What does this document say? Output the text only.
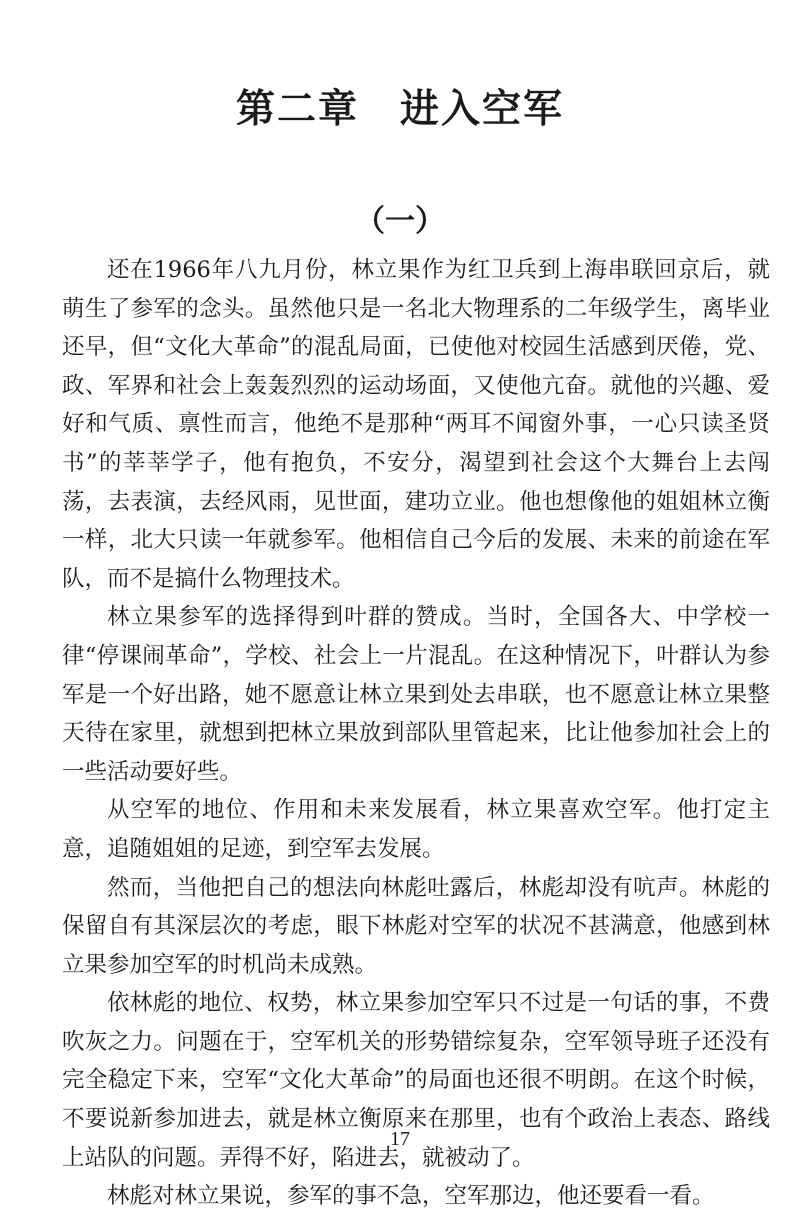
第二章　进入空军
（一）

还在1966年八九月份，林立果作为红卫兵到上海串联回京后，就萌生了参军的念头。虽然他只是一名北大物理系的二年级学生，离毕业还早，但“文化大革命”的混乱局面，已使他对校园生活感到厌倦，党、政、军界和社会上轰轰烈烈的运动场面，又使他亢奋。就他的兴趣、爱好和气质、禀性而言，他绝不是那种“两耳不闻窗外事，一心只读圣贤书”的莘莘学子，他有抱负，不安分，渴望到社会这个大舞台上去闯荡，去表演，去经风雨，见世面，建功立业。他也想像他的姐姐林立衡一样，北大只读一年就参军。他相信自己今后的发展、未来的前途在军队，而不是搞什么物理技术。

林立果参军的选择得到叶群的赞成。当时，全国各大、中学校一律“停课闹革命”，学校、社会上一片混乱。在这种情况下，叶群认为参军是一个好出路，她不愿意让林立果到处去串联，也不愿意让林立果整天待在家里，就想到把林立果放到部队里管起来，比让他参加社会上的一些活动要好些。

从空军的地位、作用和未来发展看，林立果喜欢空军。他打定主意，追随姐姐的足迹，到空军去发展。

然而，当他把自己的想法向林彪吐露后，林彪却没有吭声。林彪的保留自有其深层次的考虑，眼下林彪对空军的状况不甚满意，他感到林立果参加空军的时机尚未成熟。

依林彪的地位、权势，林立果参加空军只不过是一句话的事，不费吹灰之力。问题在于，空军机关的形势错综复杂，空军领导班子还没有完全稳定下来，空军“文化大革命”的局面也还很不明朗。在这个时候，不要说新参加进去，就是林立衡原来在那里，也有个政治上表态、路线上站队的问题。弄得不好，陷进去，就被动了。

林彪对林立果说，参军的事不急，空军那边，他还要看一看。

17
